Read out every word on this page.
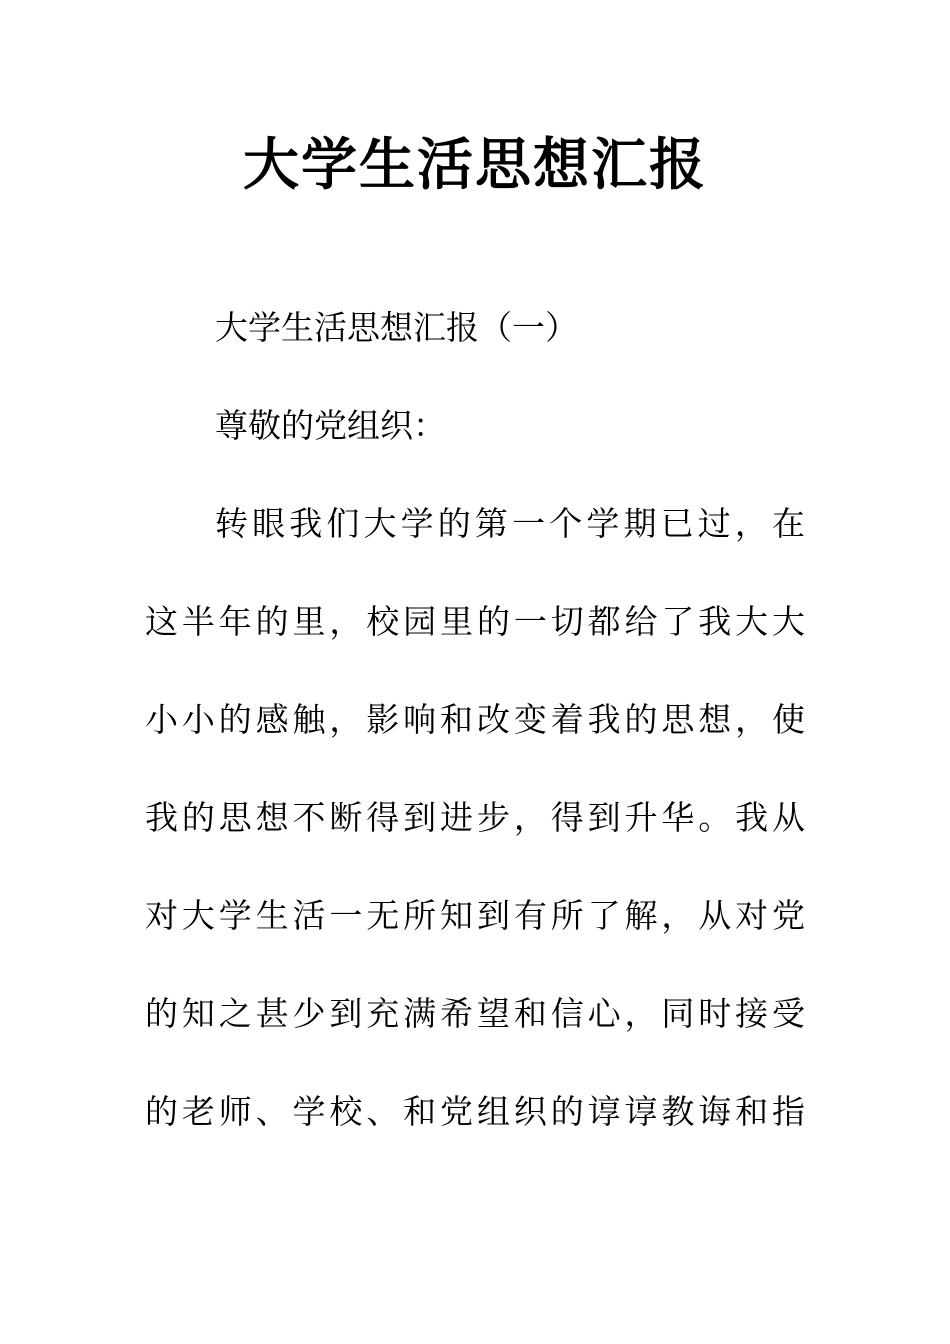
大学生活思想汇报
大学生活思想汇报（一）
尊敬的党组织：
转眼我们大学的第一个学期已过，在
这半年的里，校园里的一切都给了我大大
小小的感触，影响和改变着我的思想，使
我的思想不断得到进步，得到升华。我从
对大学生活一无所知到有所了解，从对党
的知之甚少到充满希望和信心，同时接受
的老师、学校、和党组织的谆谆教诲和指
